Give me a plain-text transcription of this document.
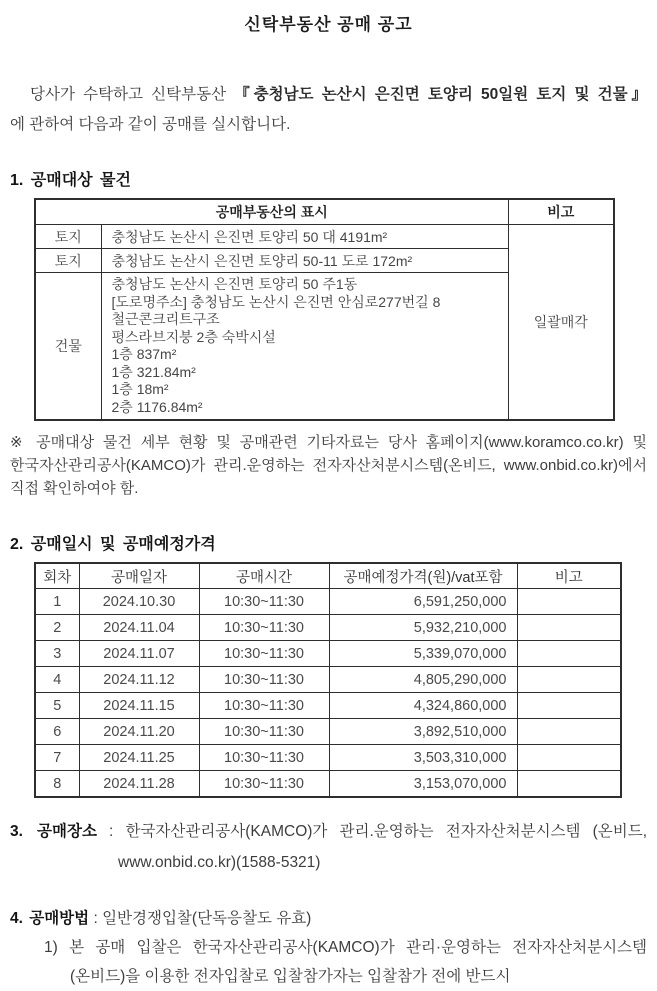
신탁부동산 공매 공고
당사가 수탁하고 신탁부동산 『충청남도 논산시 은진면 토양리 50일원 토지 및 건물』
에 관하여 다음과 같이 공매를 실시합니다.
1. 공매대상 물건
공매부동산의 표시		비고
토지	충청남도 논산시 은진면 토양리 50 대 4191m²	일괄매각
토지	충청남도 논산시 은진면 토양리 50-11 도로 172m²	
건물	
충청남도 논산시 은진면 토양리 50 주1동
[도로명주소] 충청남도 논산시 은진면 안심로277번길 8
철근콘크리트구조
평스라브지붕 2층 숙박시설
1층 837m²
1층 321.84m²
1층 18m²
2층 1176.84m²
※ 공매대상 물건 세부 현황 및 공매관련 기타자료는 당사 홈페이지(www.koramco.co.kr) 및 한국자산관리공사(KAMCO)가 관리.운영하는 전자자산처분시스템(온비드, www.onbid.co.kr)에서 직접 확인하여야 함.
2. 공매일시 및 공매예정가격
회차	공매일자	공매시간	공매예정가격(원)/vat포함	비고
1	2024.10.30	10:30~11:30	6,591,250,000	
2	2024.11.04	10:30~11:30	5,932,210,000	
3	2024.11.07	10:30~11:30	5,339,070,000	
4	2024.11.12	10:30~11:30	4,805,290,000	
5	2024.11.15	10:30~11:30	4,324,860,000	
6	2024.11.20	10:30~11:30	3,892,510,000	
7	2024.11.25	10:30~11:30	3,503,310,000	
8	2024.11.28	10:30~11:30	3,153,070,000	
3. 공매장소 : 한국자산관리공사(KAMCO)가 관리.운영하는 전자자산처분시스템 (온비드, www.onbid.co.kr)(1588-5321)
4. 공매방법 : 일반경쟁입찰(단독응찰도 유효)
1) 본 공매 입찰은 한국자산관리공사(KAMCO)가 관리·운영하는 전자자산처분시스템(온비드)을 이용한 전자입찰로 입찰참가자는 입찰참가 전에 반드시
